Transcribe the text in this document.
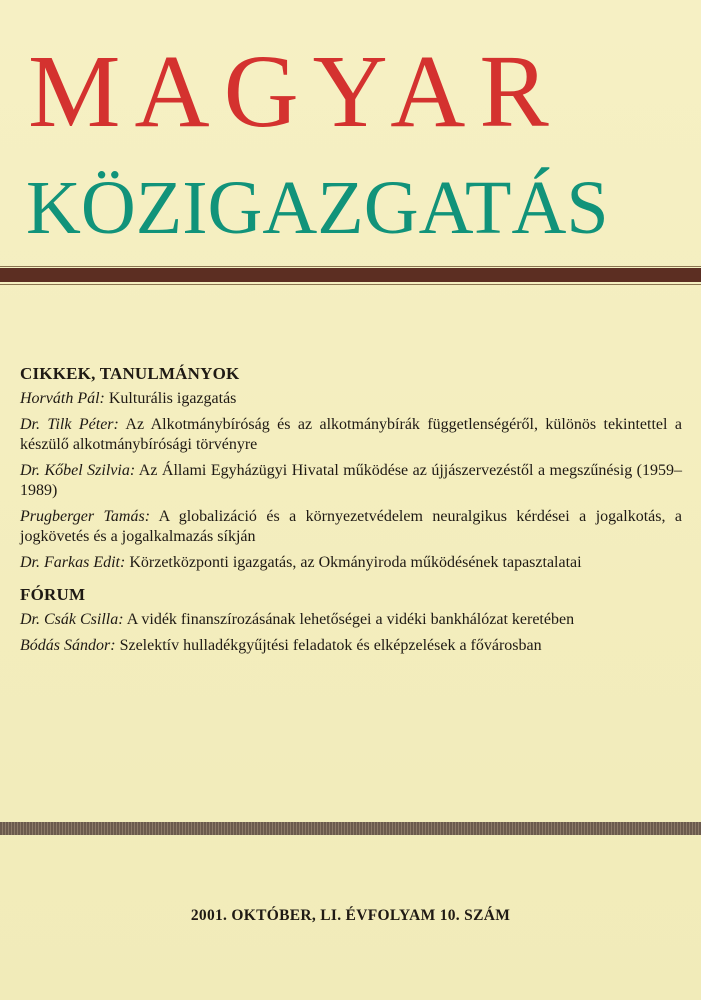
MAGYAR
KÖZIGAZGATÁS
CIKKEK, TANULMÁNYOK

Horváth Pál: Kulturális igazgatás

Dr. Tilk Péter: Az Alkotmánybíróság és az alkotmánybírák függetlenségéről, különös tekintettel a készülő alkotmánybírósági törvényre

Dr. Kőbel Szilvia: Az Állami Egyházügyi Hivatal működése az újjászervezéstől a megszűnésig (1959–1989)

Prugberger Tamás: A globalizáció és a környezetvédelem neuralgikus kérdései a jogalkotás, a jogkövetés és a jogalkalmazás síkján

Dr. Farkas Edit: Körzetközponti igazgatás, az Okmányiroda működésének tapasztalatai

FÓRUM

Dr. Csák Csilla: A vidék finanszírozásának lehetőségei a vidéki bankhálózat keretében

Bódás Sándor: Szelektív hulladékgyűjtési feladatok és elképzelések a fővárosban

2001. OKTÓBER, LI. ÉVFOLYAM 10. SZÁM
